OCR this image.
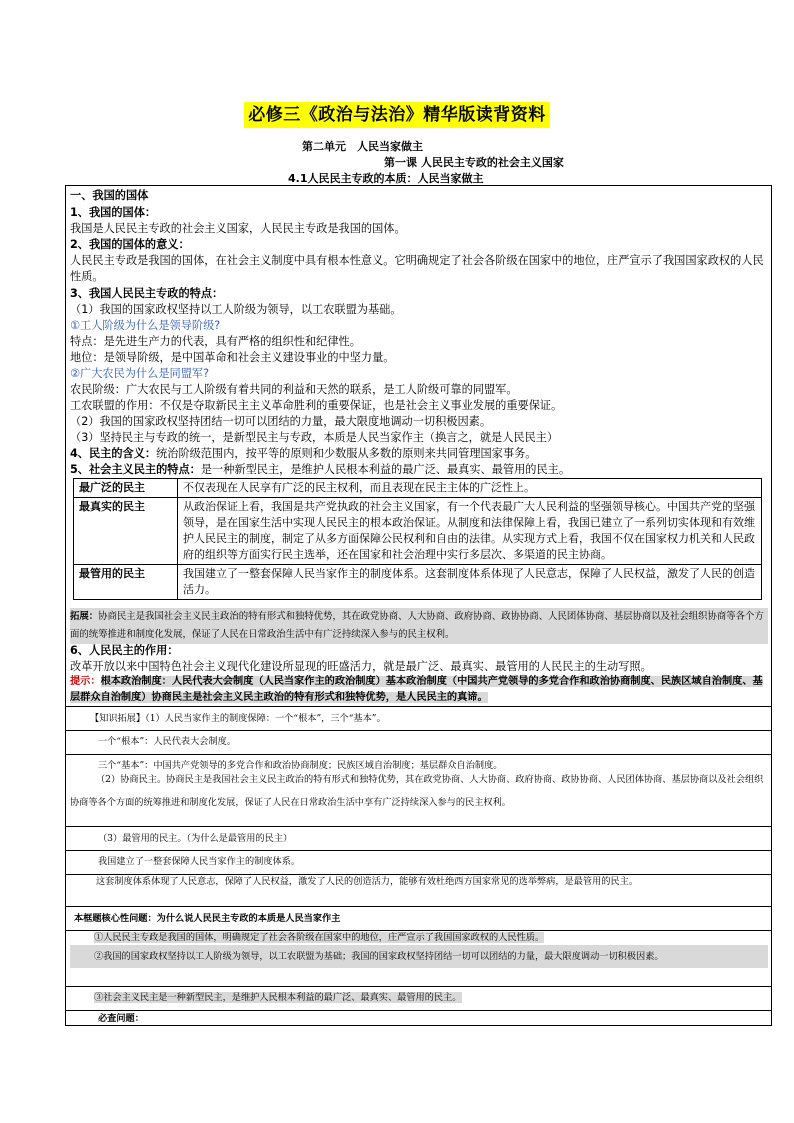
必修三《政治与法治》精华版读背资料
第二单元　人民当家做主
第一课 人民民主专政的社会主义国家
4.1人民民主专政的本质：人民当家做主
一、我国的国体
1、我国的国体：
我国是人民民主专政的社会主义国家，人民民主专政是我国的国体。
2、我国的国体的意义：
人民民主专政是我国的国体，在社会主义制度中具有根本性意义。它明确规定了社会各阶级在国家中的地位，庄严宣示了我国国家政权的人民性质。
3、我国人民民主专政的特点：
（1）我国的国家政权坚持以工人阶级为领导，以工农联盟为基础。
①工人阶级为什么是领导阶级?
特点：是先进生产力的代表，具有严格的组织性和纪律性。
地位：是领导阶级，是中国革命和社会主义建设事业的中坚力量。
②广大农民为什么是同盟军?
农民阶级：广大农民与工人阶级有着共同的利益和天然的联系，是工人阶级可靠的同盟军。
工农联盟的作用：不仅是夺取新民主主义革命胜利的重要保证，也是社会主义事业发展的重要保证。
（2）我国的国家政权坚持团结一切可以团结的力量，最大限度地调动一切积极因素。
（3）坚持民主与专政的统一，是新型民主与专政，本质是人民当家作主（换言之，就是人民民主）
4、民主的含义：统治阶级范围内，按平等的原则和少数服从多数的原则来共同管理国家事务。
5、社会主义民主的特点：是一种新型民主，是维护人民根本利益的最广泛、最真实、最管用的民主。
最广泛的民主	不仅表现在人民享有广泛的民主权利，而且表现在民主主体的广泛性上。
最真实的民主	从政治保证上看，我国是共产党执政的社会主义国家，有一个代表最广大人民利益的坚强领导核心。中国共产党的坚强领导，是在国家生活中实现人民民主的根本政治保证。从制度和法律保障上看，我国已建立了一系列切实体现和有效维护人民民主的制度，制定了从多方面保障公民权利和自由的法律。从实现方式上看，我国不仅在国家权力机关和人民政府的组织等方面实行民主选举，还在国家和社会治理中实行多层次、多渠道的民主协商。
最管用的民主	我国建立了一整套保障人民当家作主的制度体系。这套制度体系体现了人民意志，保障了人民权益，激发了人民的创造活力。
拓展：协商民主是我国社会主义民主政治的特有形式和独特优势，其在政党协商、人大协商、政府协商、政协协商、人民团体协商、基层协商以及社会组织协商等各个方面的统筹推进和制度化发展，保证了人民在日常政治生活中有广泛持续深入参与的民主权利。
6、人民民主的作用：
改革开放以来中国特色社会主义现代化建设所显现的旺盛活力，就是最广泛、最真实、最管用的人民民主的生动写照。
提示：根本政治制度：人民代表大会制度（人民当家作主的政治制度）基本政治制度（中国共产党领导的多党合作和政治协商制度、民族区域自治制度、基层群众自治制度）协商民主是社会主义民主政治的特有形式和独特优势，是人民民主的真谛。
【知识拓展】（1）人民当家作主的制度保障：一个“根本”，三个“基本”。
一个“根本”：人民代表大会制度。
三个“基本”：中国共产党领导的多党合作和政治协商制度；民族区域自治制度；基层群众自治制度。
（2）协商民主。协商民主是我国社会主义民主政治的特有形式和独特优势，其在政党协商、人大协商、政府协商、政协协商、人民团体协商、基层协商以及社会组织协商等各个方面的统筹推进和制度化发展，保证了人民在日常政治生活中享有广泛持续深入参与的民主权利。
（3）最管用的民主。（为什么是最管用的民主）
我国建立了一整套保障人民当家作主的制度体系。
这套制度体系体现了人民意志，保障了人民权益，激发了人民的创造活力，能够有效杜绝西方国家常见的选举弊病，是最管用的民主。
本框题核心性问题：为什么说人民民主专政的本质是人民当家作主
①人民民主专政是我国的国体，明确规定了社会各阶级在国家中的地位，庄严宣示了我国国家政权的人民性质。
②我国的国家政权坚持以工人阶级为领导，以工农联盟为基础；我国的国家政权坚持团结一切可以团结的力量，最大限度调动一切积极因素。
③社会主义民主是一种新型民主，是维护人民根本利益的最广泛、最真实、最管用的民主。
必查问题：
